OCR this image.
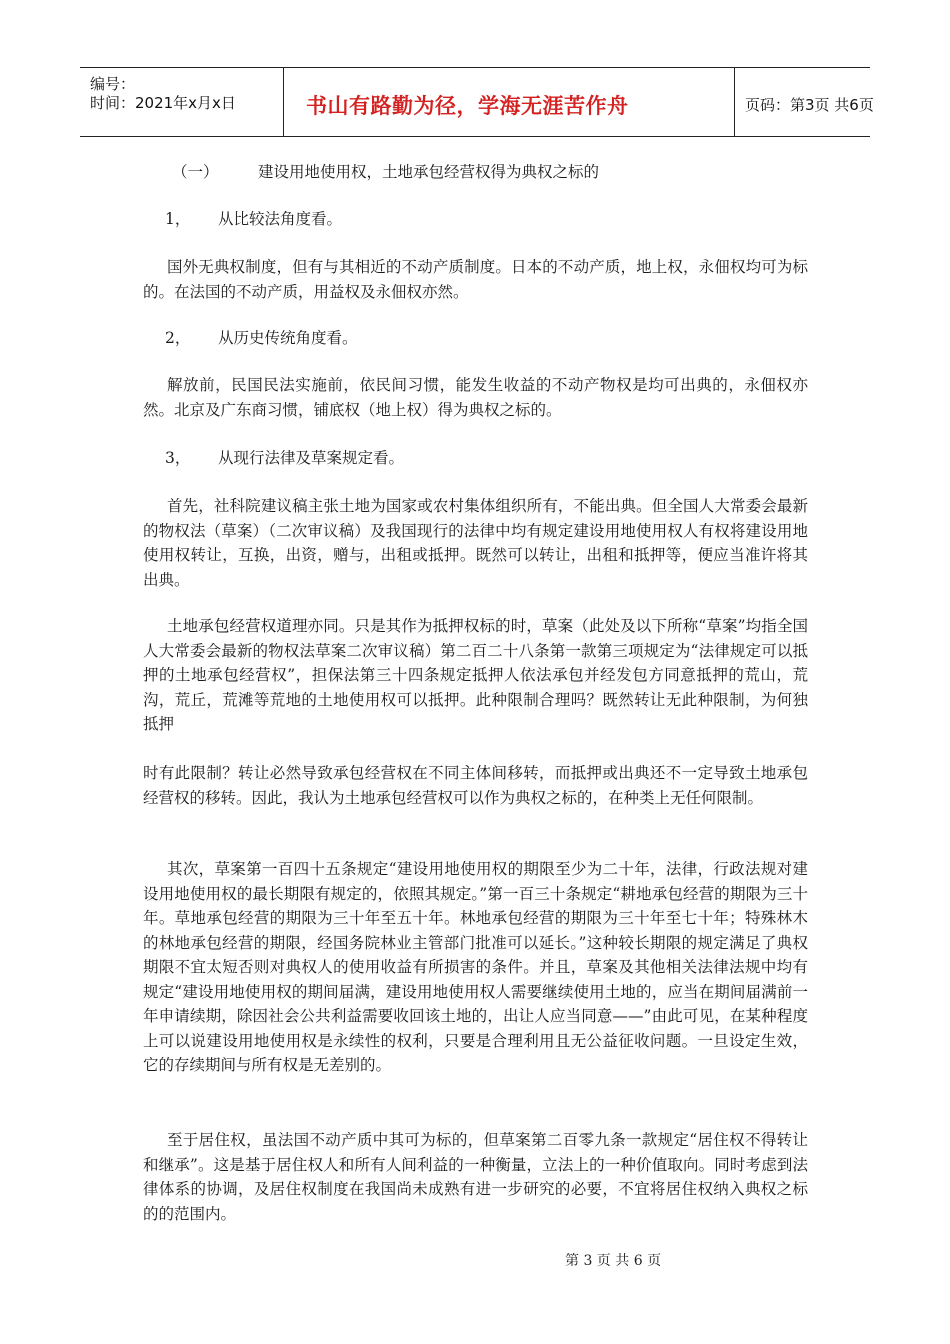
编号：
时间：2021年x月x日	书山有路勤为径，学海无涯苦作舟	页码：第3页 共6页
（一）	建设用地使用权，土地承包经营权得为典权之标的
1， 从比较法角度看。
国外无典权制度，但有与其相近的不动产质制度。日本的不动产质，地上权，永佃权均可为标的。在法国的不动产质，用益权及永佃权亦然。
2， 从历史传统角度看。
解放前，民国民法实施前，依民间习惯，能发生收益的不动产物权是均可出典的，永佃权亦然。北京及广东商习惯，铺底权（地上权）得为典权之标的。
3， 从现行法律及草案规定看。
首先，社科院建议稿主张土地为国家或农村集体组织所有，不能出典。但全国人大常委会最新的物权法（草案）（二次审议稿）及我国现行的法律中均有规定建设用地使用权人有权将建设用地使用权转让，互换，出资，赠与，出租或抵押。既然可以转让，出租和抵押等，便应当准许将其出典。
土地承包经营权道理亦同。只是其作为抵押权标的时，草案（此处及以下所称“草案”均指全国人大常委会最新的物权法草案二次审议稿）第二百二十八条第一款第三项规定为“法律规定可以抵押的土地承包经营权”，担保法第三十四条规定抵押人依法承包并经发包方同意抵押的荒山，荒沟，荒丘，荒滩等荒地的土地使用权可以抵押。此种限制合理吗？既然转让无此种限制，为何独抵押
时有此限制？转让必然导致承包经营权在不同主体间移转，而抵押或出典还不一定导致土地承包经营权的移转。因此，我认为土地承包经营权可以作为典权之标的，在种类上无任何限制。
其次，草案第一百四十五条规定“建设用地使用权的期限至少为二十年，法律，行政法规对建设用地使用权的最长期限有规定的，依照其规定。”第一百三十条规定“耕地承包经营的期限为三十年。草地承包经营的期限为三十年至五十年。林地承包经营的期限为三十年至七十年；特殊林木的林地承包经营的期限，经国务院林业主管部门批准可以延长。”这种较长期限的规定满足了典权期限不宜太短否则对典权人的使用收益有所损害的条件。并且，草案及其他相关法律法规中均有规定“建设用地使用权的期间届满，建设用地使用权人需要继续使用土地的，应当在期间届满前一年申请续期，除因社会公共利益需要收回该土地的，出让人应当同意——”由此可见，在某种程度上可以说建设用地使用权是永续性的权利，只要是合理利用且无公益征收问题。一旦设定生效，它的存续期间与所有权是无差别的。
至于居住权，虽法国不动产质中其可为标的，但草案第二百零九条一款规定“居住权不得转让和继承”。这是基于居住权人和所有人间利益的一种衡量，立法上的一种价值取向。同时考虑到法律体系的协调，及居住权制度在我国尚未成熟有进一步研究的必要，不宜将居住权纳入典权之标的的范围内。
第 3 页 共 6 页
